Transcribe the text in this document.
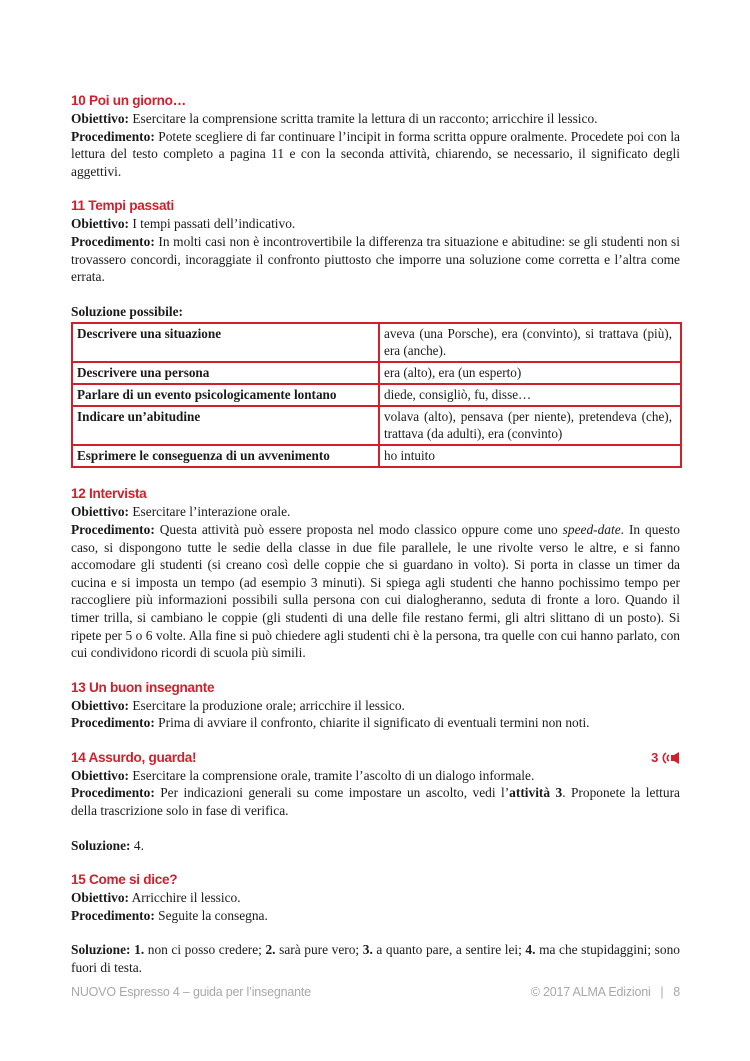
10 Poi un giorno…

Obiettivo: Esercitare la comprensione scritta tramite la lettura di un racconto; arricchire il lessico.

Procedimento: Potete scegliere di far continuare l’incipit in forma scritta oppure oralmente. Procedete poi con la lettura del testo completo a pagina 11 e con la seconda attività, chiarendo, se necessario, il significato degli aggettivi.

11 Tempi passati

Obiettivo: I tempi passati dell’indicativo.

Procedimento: In molti casi non è incontrovertibile la differenza tra situazione e abitudine: se gli studenti non si trovassero concordi, incoraggiate il confronto piuttosto che imporre una soluzione come corretta e l’altra come errata.

Soluzione possibile:

Descrivere una situazione	aveva (una Porsche), era (convinto), si trattava (più), era (anche).
Descrivere una persona	era (alto), era (un esperto)
Parlare di un evento psicologicamente lontano	diede, consigliò, fu, disse…
Indicare un’abitudine	volava (alto), pensava (per niente), pretendeva (che), trattava (da adulti), era (convinto)
Esprimere le conseguenza di un avvenimento	ho intuito
12 Intervista

Obiettivo: Esercitare l’interazione orale.

Procedimento: Questa attività può essere proposta nel modo classico oppure come uno speed-date. In questo caso, si dispongono tutte le sedie della classe in due file parallele, le une rivolte verso le altre, e si fanno accomodare gli studenti (si creano così delle coppie che si guardano in volto). Si porta in classe un timer da cucina e si imposta un tempo (ad esempio 3 minuti). Si spiega agli studenti che hanno pochissimo tempo per raccogliere più informazioni possibili sulla persona con cui dialogheranno, seduta di fronte a loro. Quando il timer trilla, si cambiano le coppie (gli studenti di una delle file restano fermi, gli altri slittano di un posto). Si ripete per 5 o 6 volte. Alla fine si può chiedere agli studenti chi è la persona, tra quelle con cui hanno parlato, con cui condividono ricordi di scuola più simili.

13 Un buon insegnante

Obiettivo: Esercitare la produzione orale; arricchire il lessico.

Procedimento: Prima di avviare il confronto, chiarite il significato di eventuali termini non noti.

14 Assurdo, guarda!	3

Obiettivo: Esercitare la comprensione orale, tramite l’ascolto di un dialogo informale.

Procedimento: Per indicazioni generali su come impostare un ascolto, vedi l’attività 3. Proponete la lettura della trascrizione solo in fase di verifica.

Soluzione: 4.

15 Come si dice?

Obiettivo: Arricchire il lessico.

Procedimento: Seguite la consegna.

Soluzione: 1. non ci posso credere; 2. sarà pure vero; 3. a quanto pare, a sentire lei; 4. ma che stupidaggini; sono fuori di testa.

NUOVO Espresso 4 – guida per l’insegnante	© 2017 ALMA Edizioni   |   8
